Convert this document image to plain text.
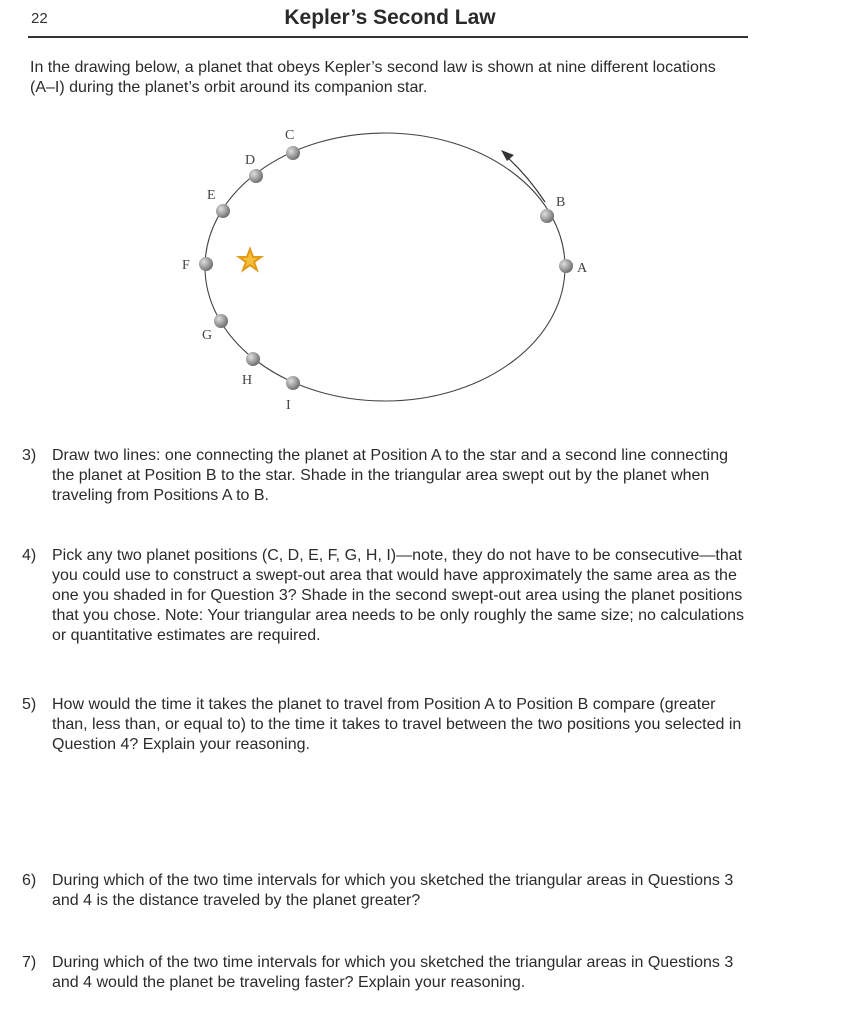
22	Kepler’s Second Law
In the drawing below, a planet that obeys Kepler’s second law is shown at nine different locations (A–I) during the planet’s orbit around its companion star.
A
B
C
D
E
F
G
H
I
3) Draw two lines: one connecting the planet at Position A to the star and a second line connecting the planet at Position B to the star. Shade in the triangular area swept out by the planet when traveling from Positions A to B.
4) Pick any two planet positions (C, D, E, F, G, H, I)—note, they do not have to be consecutive—that you could use to construct a swept-out area that would have approximately the same area as the one you shaded in for Question 3? Shade in the second swept-out area using the planet positions that you chose. Note: Your triangular area needs to be only roughly the same size; no calculations or quantitative estimates are required.
5) How would the time it takes the planet to travel from Position A to Position B compare (greater than, less than, or equal to) to the time it takes to travel between the two positions you selected in Question 4? Explain your reasoning.
6) During which of the two time intervals for which you sketched the triangular areas in Questions 3 and 4 is the distance traveled by the planet greater?
7) During which of the two time intervals for which you sketched the triangular areas in Questions 3 and 4 would the planet be traveling faster? Explain your reasoning.
